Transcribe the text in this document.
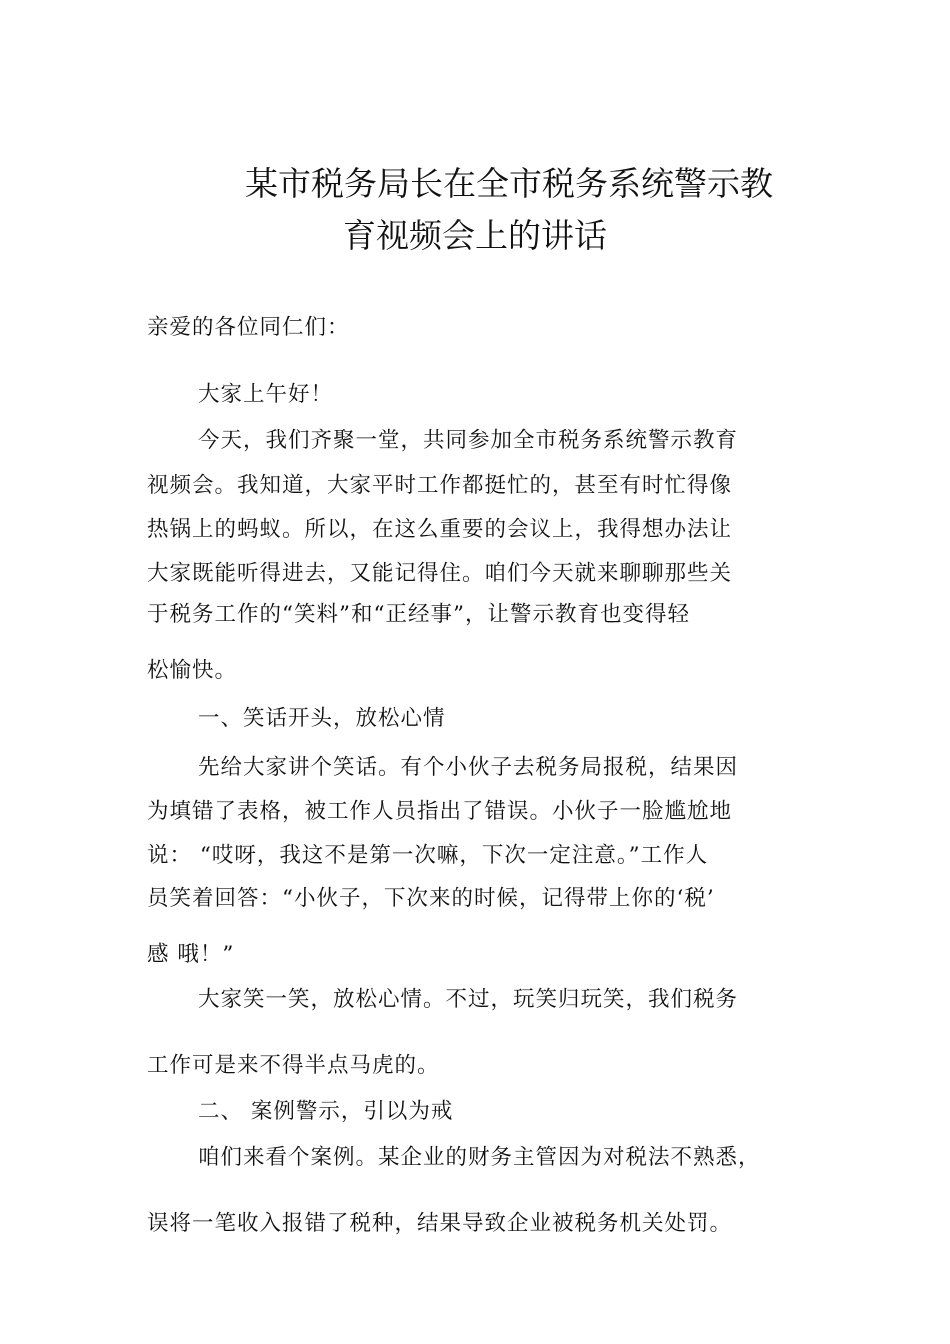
某市税务局长在全市税务系统警示教
育视频会上的讲话
亲爱的各位同仁们：
大家上午好！
今天，我们齐聚一堂，共同参加全市税务系统警示教育
视频会。我知道，大家平时工作都挺忙的，甚至有时忙得像
热锅上的蚂蚁。所以，在这么重要的会议上，我得想办法让
大家既能听得进去，又能记得住。咱们今天就来聊聊那些关
于税务工作的“笑料”和“正经事”，让警示教育也变得轻
松愉快。
一、笑话开头，放松心情
先给大家讲个笑话。有个小伙子去税务局报税，结果因
为填错了表格，被工作人员指出了错误。小伙子一脸尴尬地
说： “哎呀，我这不是第一次嘛，下次一定注意。”工作人
员笑着回答：“小伙子，下次来的时候，记得带上你的‘税’
感 哦！”
大家笑一笑，放松心情。不过，玩笑归玩笑，我们税务
工作可是来不得半点马虎的。
二、 案例警示，引以为戒
咱们来看个案例。某企业的财务主管因为对税法不熟悉，
误将一笔收入报错了税种，结果导致企业被税务机关处罚。
